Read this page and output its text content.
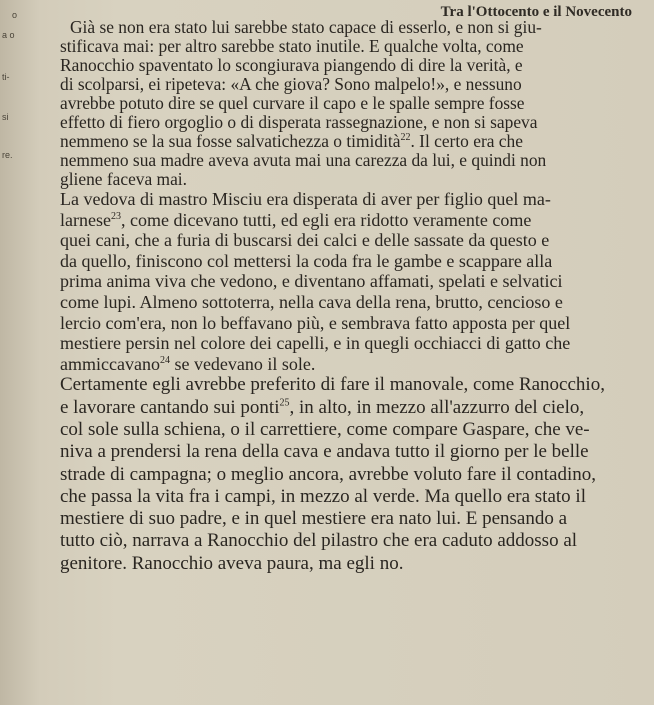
Tra l'Ottocento e il Novecento
o
a o
ti-
si
re.
Già se non era stato lui sarebbe stato capace di esserlo, e non si giu-
stificava mai: per altro sarebbe stato inutile. E qualche volta, come
Ranocchio spaventato lo scongiurava piangendo di dire la verità, e
di scolparsi, ei ripeteva: «A che giova? Sono malpelo!», e nessuno
avrebbe potuto dire se quel curvare il capo e le spalle sempre fosse
effetto di fiero orgoglio o di disperata rassegnazione, e non si sapeva
nemmeno se la sua fosse salvatichezza o timidità$^{22}$. Il certo era che
nemmeno sua madre aveva avuta mai una carezza da lui, e quindi non
gliene faceva mai.
La vedova di mastro Misciu era disperata di aver per figlio quel ma-
larnese$^{23}$, come dicevano tutti, ed egli era ridotto veramente come
quei cani, che a furia di buscarsi dei calci e delle sassate da questo e
da quello, finiscono col mettersi la coda fra le gambe e scappare alla
prima anima viva che vedono, e diventano affamati, spelati e selvatici
come lupi. Almeno sottoterra, nella cava della rena, brutto, cencioso e
lercio com'era, non lo beffavano più, e sembrava fatto apposta per quel
mestiere persin nel colore dei capelli, e in quegli occhiacci di gatto che
ammiccavano$^{24}$ se vedevano il sole.
Certamente egli avrebbe preferito di fare il manovale, come Ranocchio,
e lavorare cantando sui ponti$^{25}$, in alto, in mezzo all'azzurro del cielo,
col sole sulla schiena, o il carrettiere, come compare Gaspare, che ve-
niva a prendersi la rena della cava e andava tutto il giorno per le belle
strade di campagna; o meglio ancora, avrebbe voluto fare il contadino,
che passa la vita fra i campi, in mezzo al verde. Ma quello era stato il
mestiere di suo padre, e in quel mestiere era nato lui. E pensando a
tutto ciò, narrava a Ranocchio del pilastro che era caduto addosso al
genitore. Ranocchio aveva paura, ma egli no.
